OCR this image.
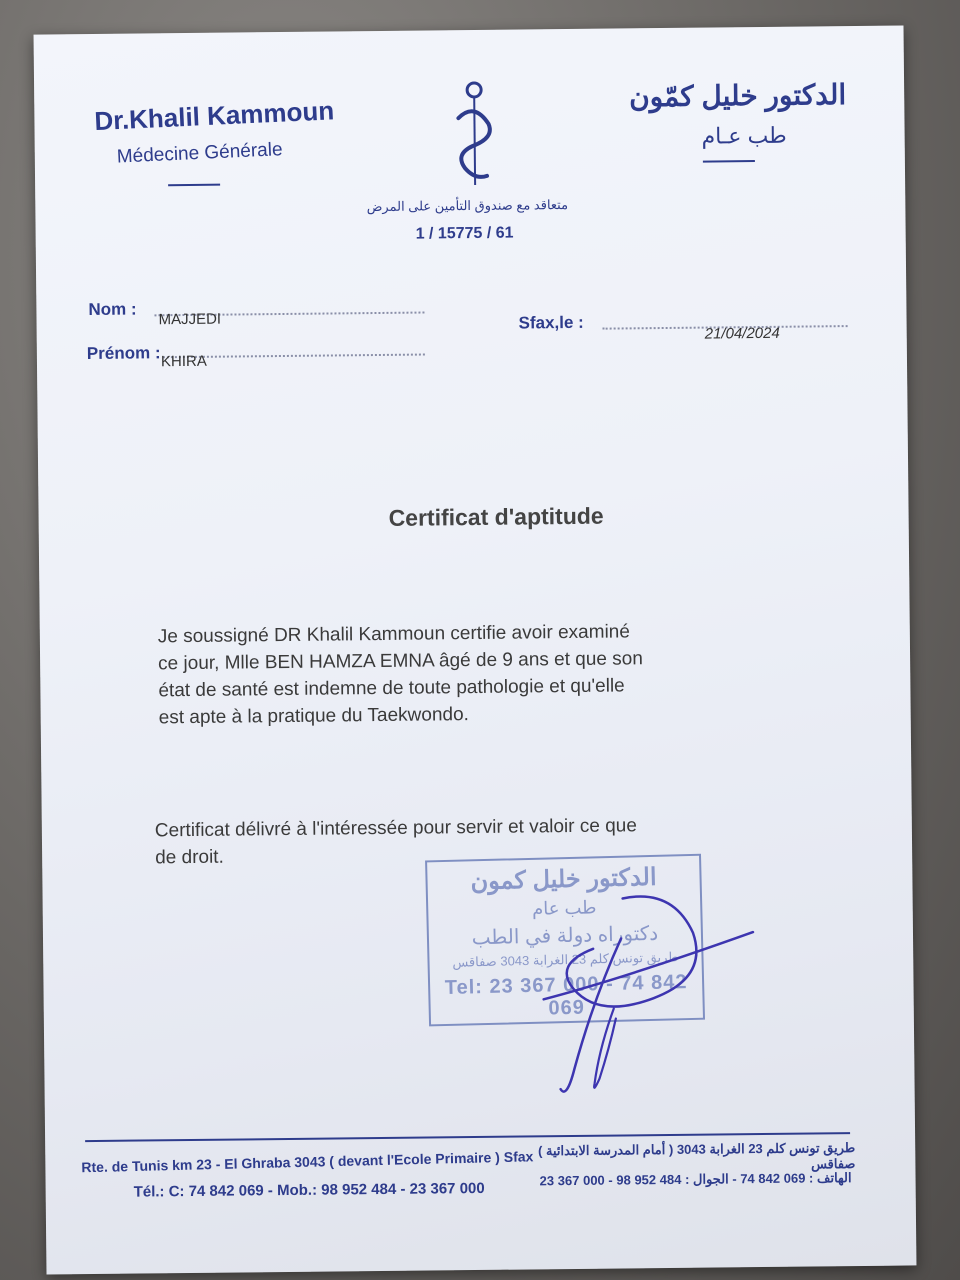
Dr.Khalil Kammoun
Médecine Générale
الدكتور خليل كمّون
طب عـام
متعاقد مع صندوق التأمين على المرض
1 / 15775 / 61
Nom :
MAJJEDI
Prénom : KHIRA
Sfax,le :
21/04/2024
Certificat d'aptitude
Je soussigné DR Khalil Kammoun certifie avoir examiné
ce jour, Mlle BEN HAMZA EMNA âgé de 9 ans et que son
état de santé est indemne de toute pathologie et qu'elle
est apte à la pratique du Taekwondo.
Certificat délivré à l'intéressée pour servir et valoir ce que
de droit.
الدكتور خليل كمون
طب عام
دكتوراه دولة في الطب
طريق تونس كلم 23 الغرابة 3043 صفاقس
Tel: 23 367 000 - 74 842 069
Rte. de Tunis km 23 - El Ghraba 3043 ( devant l'Ecole Primaire ) Sfax
Tél.: C: 74 842 069 - Mob.: 98 952 484 - 23 367 000
طريق تونس كلم 23 الغرابة 3043 ( أمام المدرسة الابتدائية ) صفاقس
الهاتف : 069 842 74 - الجوال : 484 952 98 - 000 367 23
